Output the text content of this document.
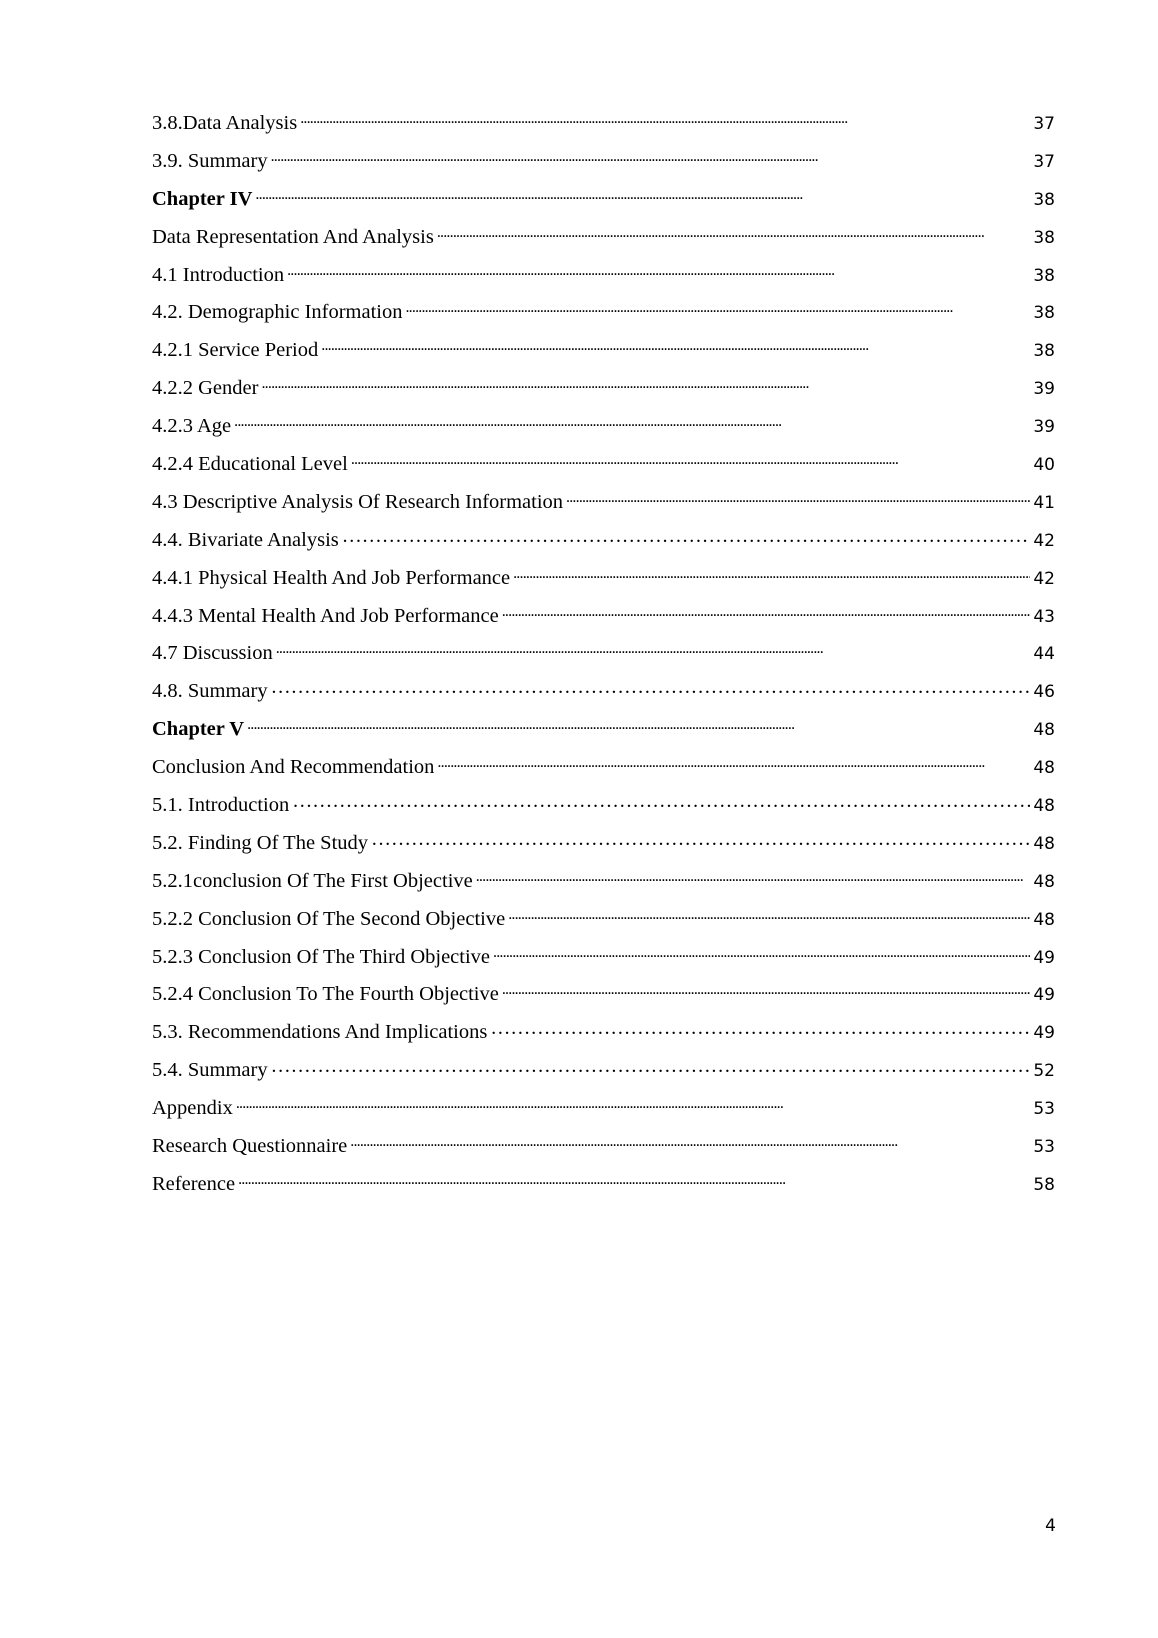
3.8.Data Analysis . . .	37
3.9. Summary . . .	37
Chapter IV . . .	38
Data Representation And Analysis . . .	38
4.1 Introduction . . .	38
4.2. Demographic Information . . .	38
4.2.1 Service Period . . .	38
4.2.2 Gender . . .	39
4.2.3 Age . . .	39
4.2.4 Educational Level . . .	40
4.3 Descriptive Analysis Of Research Information . . .	41
4.4. Bivariate Analysis …………………………………………………………………………………………………………………………………………………………	42
4.4.1 Physical Health And Job Performance . . .	42
4.4.3 Mental Health And Job Performance . . .	43
4.7 Discussion . . .	44
4.8. Summary …………………………………………………………………………………………………………………………………………………………	46
Chapter V . . .	48
Conclusion And Recommendation . . .	48
5.1. Introduction …………………………………………………………………………………………………………………………………………………………	48
5.2. Finding Of The Study …………………………………………………………………………………………………………………………………………………………	48
5.2.1conclusion Of The First Objective . . .	48
5.2.2 Conclusion Of The Second Objective . . .	48
5.2.3 Conclusion Of The Third Objective . . .	49
5.2.4 Conclusion To The Fourth Objective . . .	49
5.3. Recommendations And Implications …………………………………………………………………………………………………………………………………………………………	49
5.4. Summary …………………………………………………………………………………………………………………………………………………………	52
Appendix . . .	53
Research Questionnaire . . .	53
Reference . . .	58
4
